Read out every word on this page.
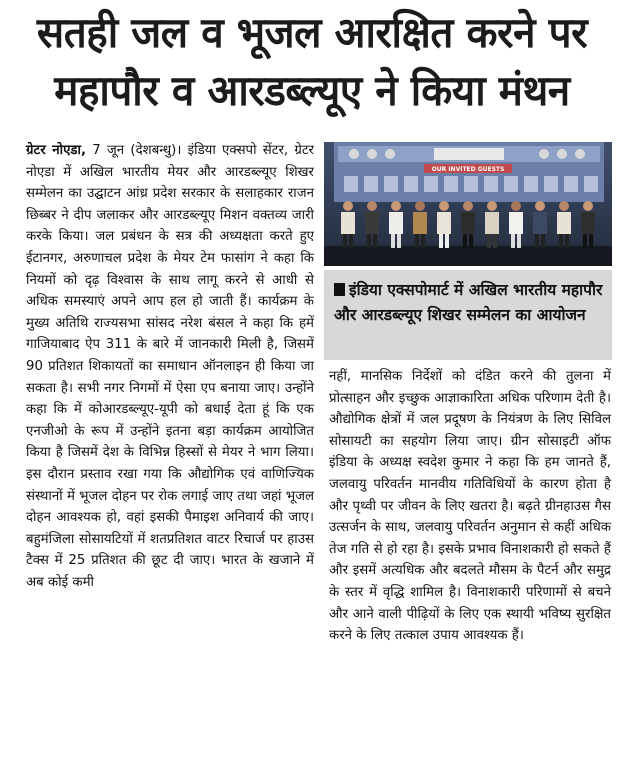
सतही जल व भूजल आरक्षित करने पर
महापौर व आरडब्ल्यूए ने किया मंथन
ग्रेटर नोएडा, 7 जून (देशबन्धु)। इंडिया एक्सपो सेंटर, ग्रेटर नोएडा में अखिल भारतीय मेयर और आरडब्ल्यूए शिखर सम्मेलन का उद्घाटन आंध्र प्रदेश सरकार के सलाहकार राजन छिब्बर ने दीप जलाकर और आरडब्ल्यूए मिशन वक्तव्य जारी करके किया। जल प्रबंधन के सत्र की अध्यक्षता करते हुए ईटानगर, अरुणाचल प्रदेश के मेयर टेम फासांग ने कहा कि नियमों को दृढ़ विश्वास के साथ लागू करने से आधी से अधिक समस्याएं अपने आप हल हो जाती हैं। कार्यक्रम के मुख्य अतिथि राज्यसभा सांसद नरेश बंसल ने कहा कि हमें गाजियाबाद ऐप 311 के बारे में जानकारी मिली है, जिसमें 90 प्रतिशत शिकायतों का समाधान ऑनलाइन ही किया जा सकता है। सभी नगर निगमों में ऐसा एप बनाया जाए। उन्होंने कहा कि में कोआरडब्ल्यूए-यूपी को बधाई देता हूं कि एक एनजीओ के रूप में उन्होंने इतना बड़ा कार्यक्रम आयोजित किया है जिसमें देश के विभिन्न हिस्सों से मेयर ने भाग लिया। इस दौरान प्रस्ताव रखा गया कि औद्योगिक एवं वाणिज्यिक संस्थानों में भूजल दोहन पर रोक लगाई जाए तथा जहां भूजल दोहन आवश्यक हो, वहां इसकी पैमाइश अनिवार्य की जाए। बहुमंजिला सोसायटियों में शतप्रतिशत वाटर रिचार्ज पर हाउस टैक्स में 25 प्रतिशत की छूट दी जाए। भारत के खजाने में अब कोई कमी
OUR INVITED GUESTS
इंडिया एक्सपोमार्ट में अखिल भारतीय महापौर और आरडब्ल्यूए शिखर सम्मेलन का आयोजन
नहीं, मानसिक निर्देशों को दंडित करने की तुलना में प्रोत्साहन और इच्छुक आज्ञाकारिता अधिक परिणाम देती है। औद्योगिक क्षेत्रों में जल प्रदूषण के नियंत्रण के लिए सिविल सोसायटी का सहयोग लिया जाए। ग्रीन सोसाइटी ऑफ इंडिया के अध्यक्ष स्वदेश कुमार ने कहा कि हम जानते हैं, जलवायु परिवर्तन मानवीय गतिविधियों के कारण होता है और पृथ्वी पर जीवन के लिए खतरा है। बढ़ते ग्रीनहाउस गैस उत्सर्जन के साथ, जलवायु परिवर्तन अनुमान से कहीं अधिक तेज गति से हो रहा है। इसके प्रभाव विनाशकारी हो सकते हैं और इसमें अत्यधिक और बदलते मौसम के पैटर्न और समुद्र के स्तर में वृद्धि शामिल है। विनाशकारी परिणामों से बचने और आने वाली पीढ़ियों के लिए एक स्थायी भविष्य सुरक्षित करने के लिए तत्काल उपाय आवश्यक हैं।
